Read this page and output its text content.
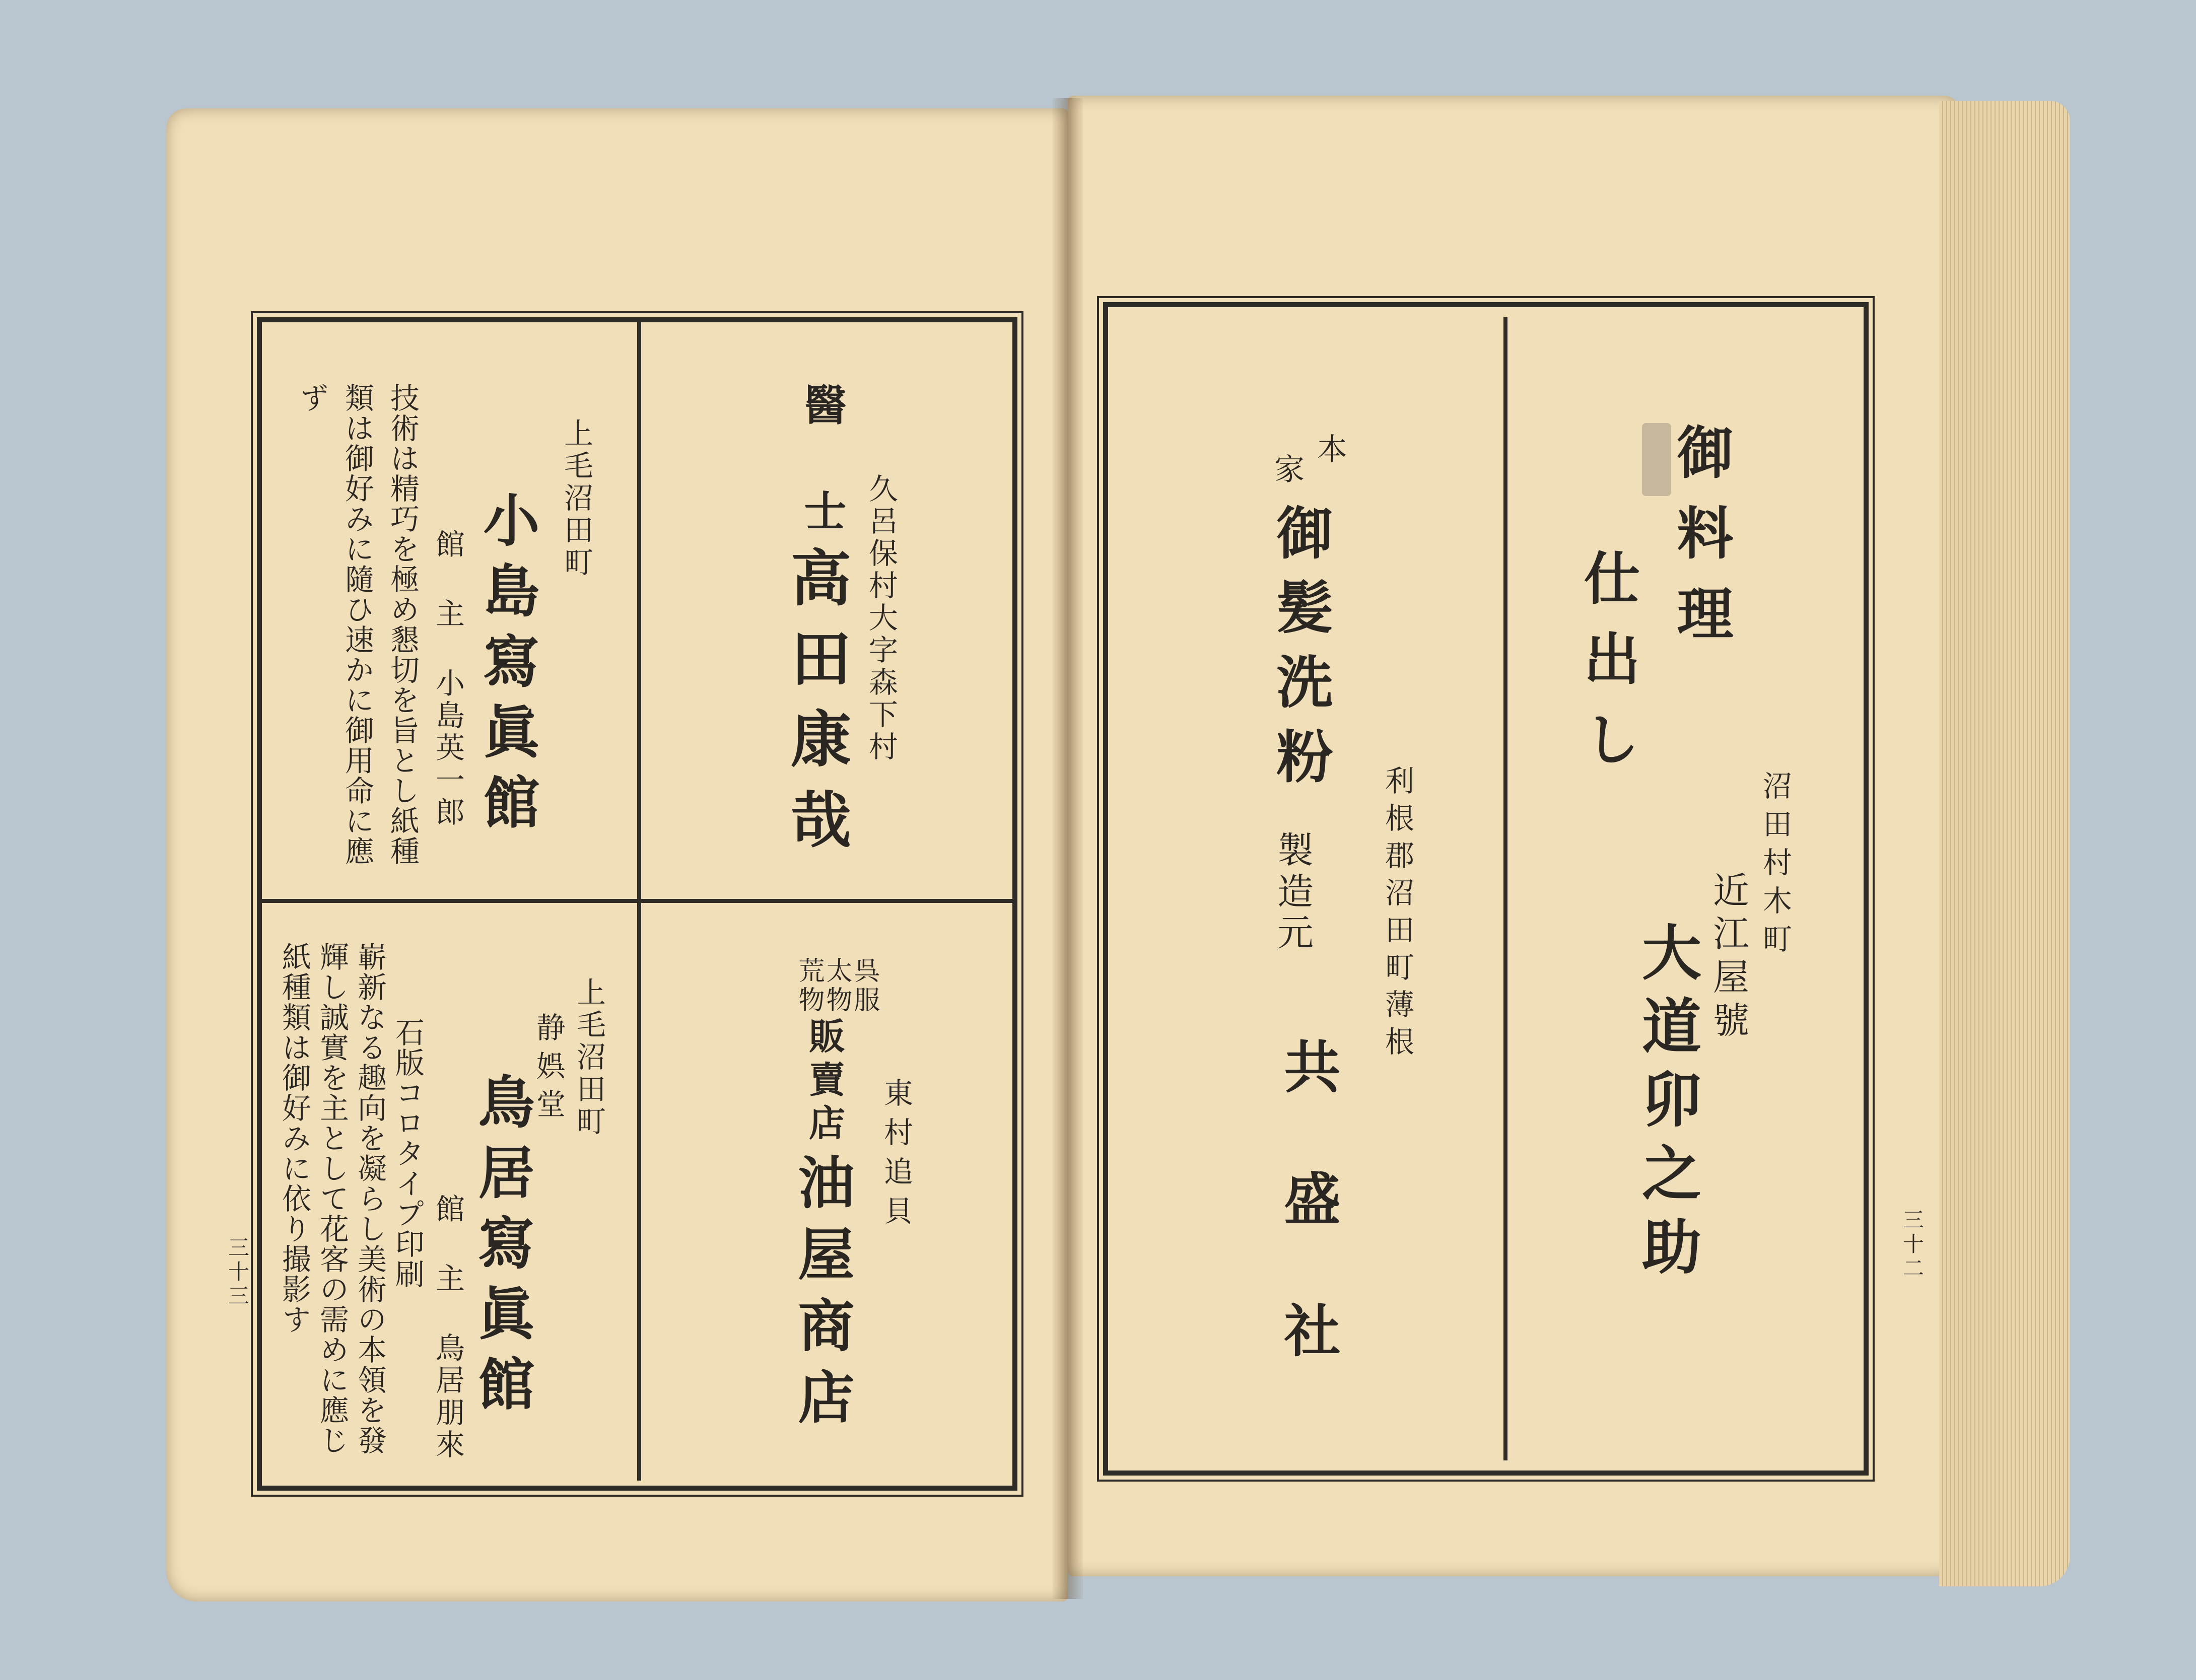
久呂保村大字森下村
醫 士
高田康哉
上毛沼田町
小島寫眞館
館 主 小島英一郎
技術は精巧を極め懇切を旨とし紙種
類は御好みに隨ひ速かに御用命に應
ず
東村追貝
呉服
太物
荒物
販賣店
油屋商店
上毛沼田町
静娯堂
鳥居寫眞館
館 主 鳥居朋來
石版コロタイプ印刷
嶄新なる趣向を凝らし美術の本領を發
輝し誠實を主として花客の需めに應じ
紙種類は御好みに依り撮影す
三十三
御料理
仕出し
沼田村木町
近江屋號
大道卯之助
本
家
御髪洗粉
利根郡沼田町薄根
製造元
共盛社	三十二
